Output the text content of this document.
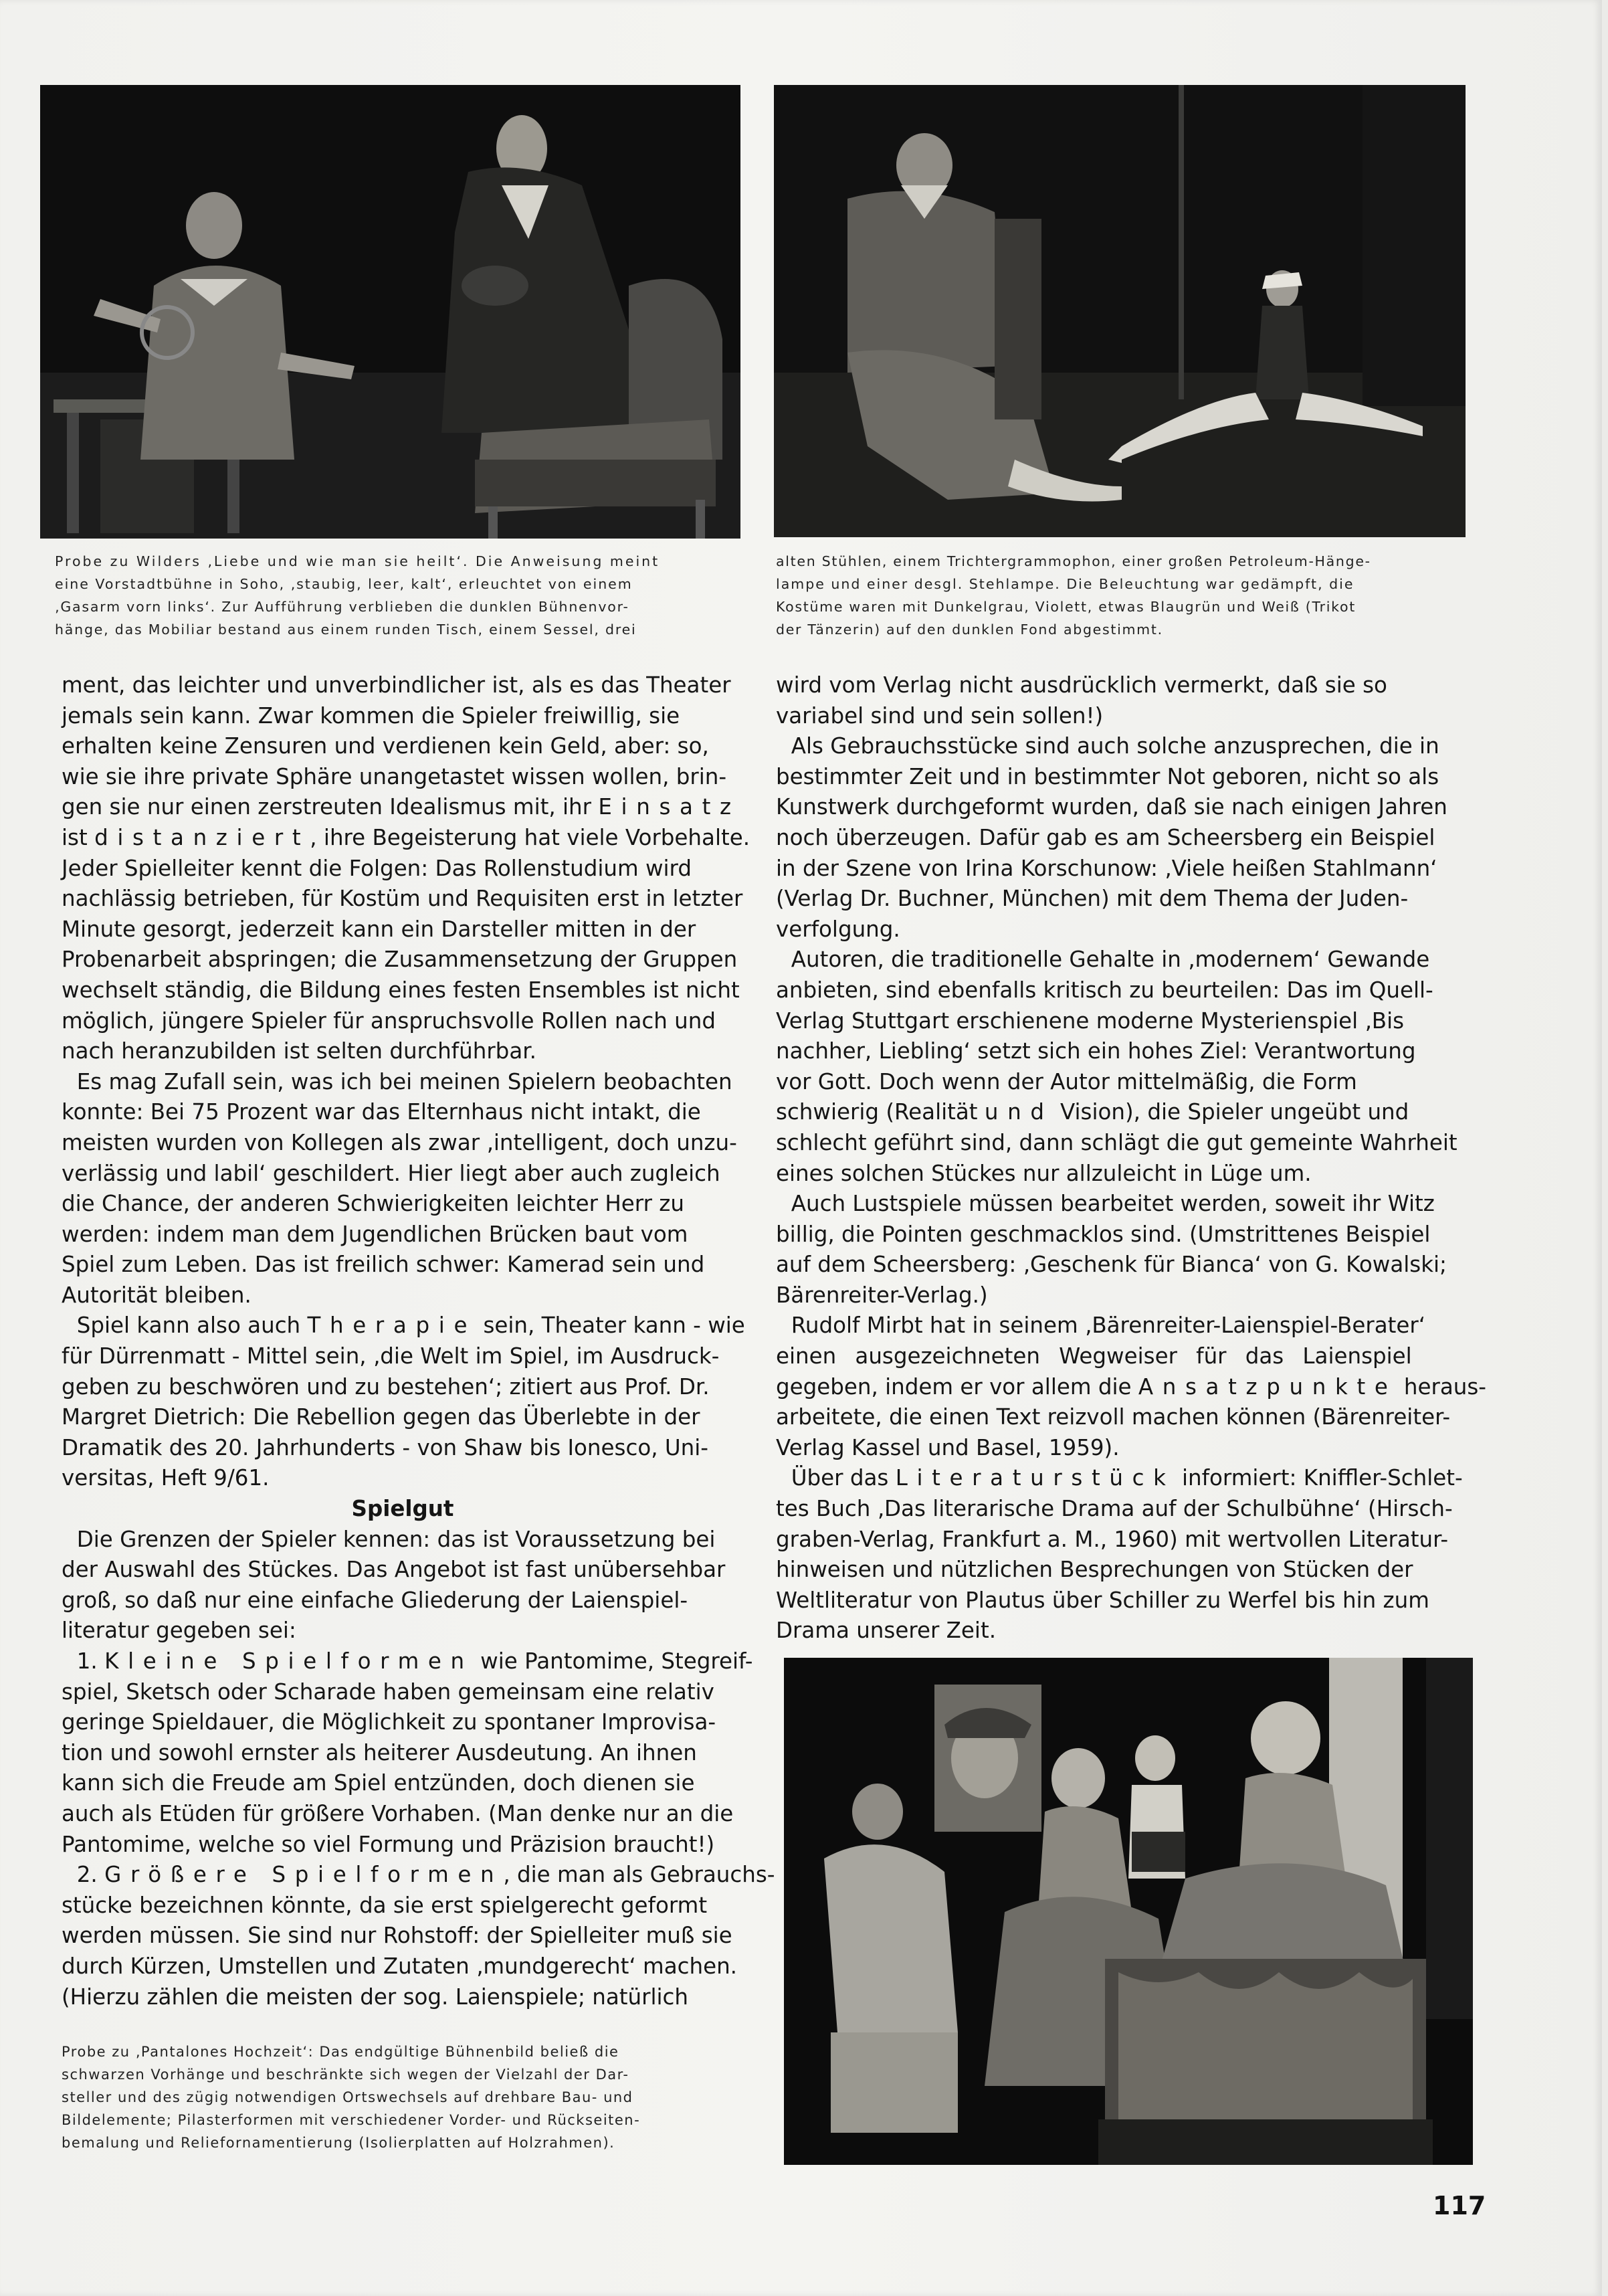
Probe zu Wilders ‚Liebe und wie man sie heilt‘. Die Anweisung meint
eine Vorstadtbühne in Soho, ‚staubig, leer, kalt‘, erleuchtet von einem
‚Gasarm vorn links‘. Zur Aufführung verblieben die dunklen Bühnenvor-
hänge, das Mobiliar bestand aus einem runden Tisch, einem Sessel, drei

alten Stühlen, einem Trichtergrammophon, einer großen Petroleum-Hänge-
lampe und einer desgl. Stehlampe. Die Beleuchtung war gedämpft, die
Kostüme waren mit Dunkelgrau, Violett, etwas Blaugrün und Weiß (Trikot
der Tänzerin) auf den dunklen Fond abgestimmt.

ment, das leichter und unverbindlicher ist, als es das Theater
jemals sein kann. Zwar kommen die Spieler freiwillig, sie
erhalten keine Zensuren und verdienen kein Geld, aber: so,
wie sie ihre private Sphäre unangetastet wissen wollen, brin-
gen sie nur einen zerstreuten Idealismus mit, ihr Einsatz
ist distanziert, ihre Begeisterung hat viele Vorbehalte.
Jeder Spielleiter kennt die Folgen: Das Rollenstudium wird
nachlässig betrieben, für Kostüm und Requisiten erst in letzter
Minute gesorgt, jederzeit kann ein Darsteller mitten in der
Probenarbeit abspringen; die Zusammensetzung der Gruppen
wechselt ständig, die Bildung eines festen Ensembles ist nicht
möglich, jüngere Spieler für anspruchsvolle Rollen nach und
nach heranzubilden ist selten durchführbar.
Es mag Zufall sein, was ich bei meinen Spielern beobachten
konnte: Bei 75 Prozent war das Elternhaus nicht intakt, die
meisten wurden von Kollegen als zwar ‚intelligent, doch unzu-
verlässig und labil‘ geschildert. Hier liegt aber auch zugleich
die Chance, der anderen Schwierigkeiten leichter Herr zu
werden: indem man dem Jugendlichen Brücken baut vom
Spiel zum Leben. Das ist freilich schwer: Kamerad sein und
Autorität bleiben.
Spiel kann also auch Therapie sein, Theater kann - wie
für Dürrenmatt - Mittel sein, ‚die Welt im Spiel, im Ausdruck-
geben zu beschwören und zu bestehen‘; zitiert aus Prof. Dr.
Margret Dietrich: Die Rebellion gegen das Überlebte in der
Dramatik des 20. Jahrhunderts - von Shaw bis Ionesco, Uni-
versitas, Heft 9/61.
Spielgut
Die Grenzen der Spieler kennen: das ist Voraussetzung bei
der Auswahl des Stückes. Das Angebot ist fast unübersehbar
groß, so daß nur eine einfache Gliederung der Laienspiel-
literatur gegeben sei:
1. Kleine Spielformen wie Pantomime, Stegreif-
spiel, Sketsch oder Scharade haben gemeinsam eine relativ
geringe Spieldauer, die Möglichkeit zu spontaner Improvisa-
tion und sowohl ernster als heiterer Ausdeutung. An ihnen
kann sich die Freude am Spiel entzünden, doch dienen sie
auch als Etüden für größere Vorhaben. (Man denke nur an die
Pantomime, welche so viel Formung und Präzision braucht!)
2. Größere Spielformen, die man als Gebrauchs-
stücke bezeichnen könnte, da sie erst spielgerecht geformt
werden müssen. Sie sind nur Rohstoff: der Spielleiter muß sie
durch Kürzen, Umstellen und Zutaten ‚mundgerecht‘ machen.
(Hierzu zählen die meisten der sog. Laienspiele; natürlich

Probe zu ‚Pantalones Hochzeit‘: Das endgültige Bühnenbild beließ die
schwarzen Vorhänge und beschränkte sich wegen der Vielzahl der Dar-
steller und des zügig notwendigen Ortswechsels auf drehbare Bau- und
Bildelemente; Pilasterformen mit verschiedener Vorder- und Rückseiten-
bemalung und Reliefornamentierung (Isolierplatten auf Holzrahmen).

wird vom Verlag nicht ausdrücklich vermerkt, daß sie so
variabel sind und sein sollen!)
Als Gebrauchsstücke sind auch solche anzusprechen, die in
bestimmter Zeit und in bestimmter Not geboren, nicht so als
Kunstwerk durchgeformt wurden, daß sie nach einigen Jahren
noch überzeugen. Dafür gab es am Scheersberg ein Beispiel
in der Szene von Irina Korschunow: ‚Viele heißen Stahlmann‘
(Verlag Dr. Buchner, München) mit dem Thema der Juden-
verfolgung.
Autoren, die traditionelle Gehalte in ‚modernem‘ Gewande
anbieten, sind ebenfalls kritisch zu beurteilen: Das im Quell-
Verlag Stuttgart erschienene moderne Mysterienspiel ‚Bis
nachher, Liebling‘ setzt sich ein hohes Ziel: Verantwortung
vor Gott. Doch wenn der Autor mittelmäßig, die Form
schwierig (Realität und Vision), die Spieler ungeübt und
schlecht geführt sind, dann schlägt die gut gemeinte Wahrheit
eines solchen Stückes nur allzuleicht in Lüge um.
Auch Lustspiele müssen bearbeitet werden, soweit ihr Witz
billig, die Pointen geschmacklos sind. (Umstrittenes Beispiel
auf dem Scheersberg: ‚Geschenk für Bianca‘ von G. Kowalski;
Bärenreiter-Verlag.)
Rudolf Mirbt hat in seinem ‚Bärenreiter-Laienspiel-Berater‘
einen ausgezeichneten Wegweiser für das Laienspiel
gegeben, indem er vor allem die Ansatzpunkte heraus-
arbeitete, die einen Text reizvoll machen können (Bärenreiter-
Verlag Kassel und Basel, 1959).
Über das Literaturstück informiert: Kniffler-Schlet-
tes Buch ‚Das literarische Drama auf der Schulbühne‘ (Hirsch-
graben-Verlag, Frankfurt a. M., 1960) mit wertvollen Literatur-
hinweisen und nützlichen Besprechungen von Stücken der
Weltliteratur von Plautus über Schiller zu Werfel bis hin zum
Drama unserer Zeit.
117
